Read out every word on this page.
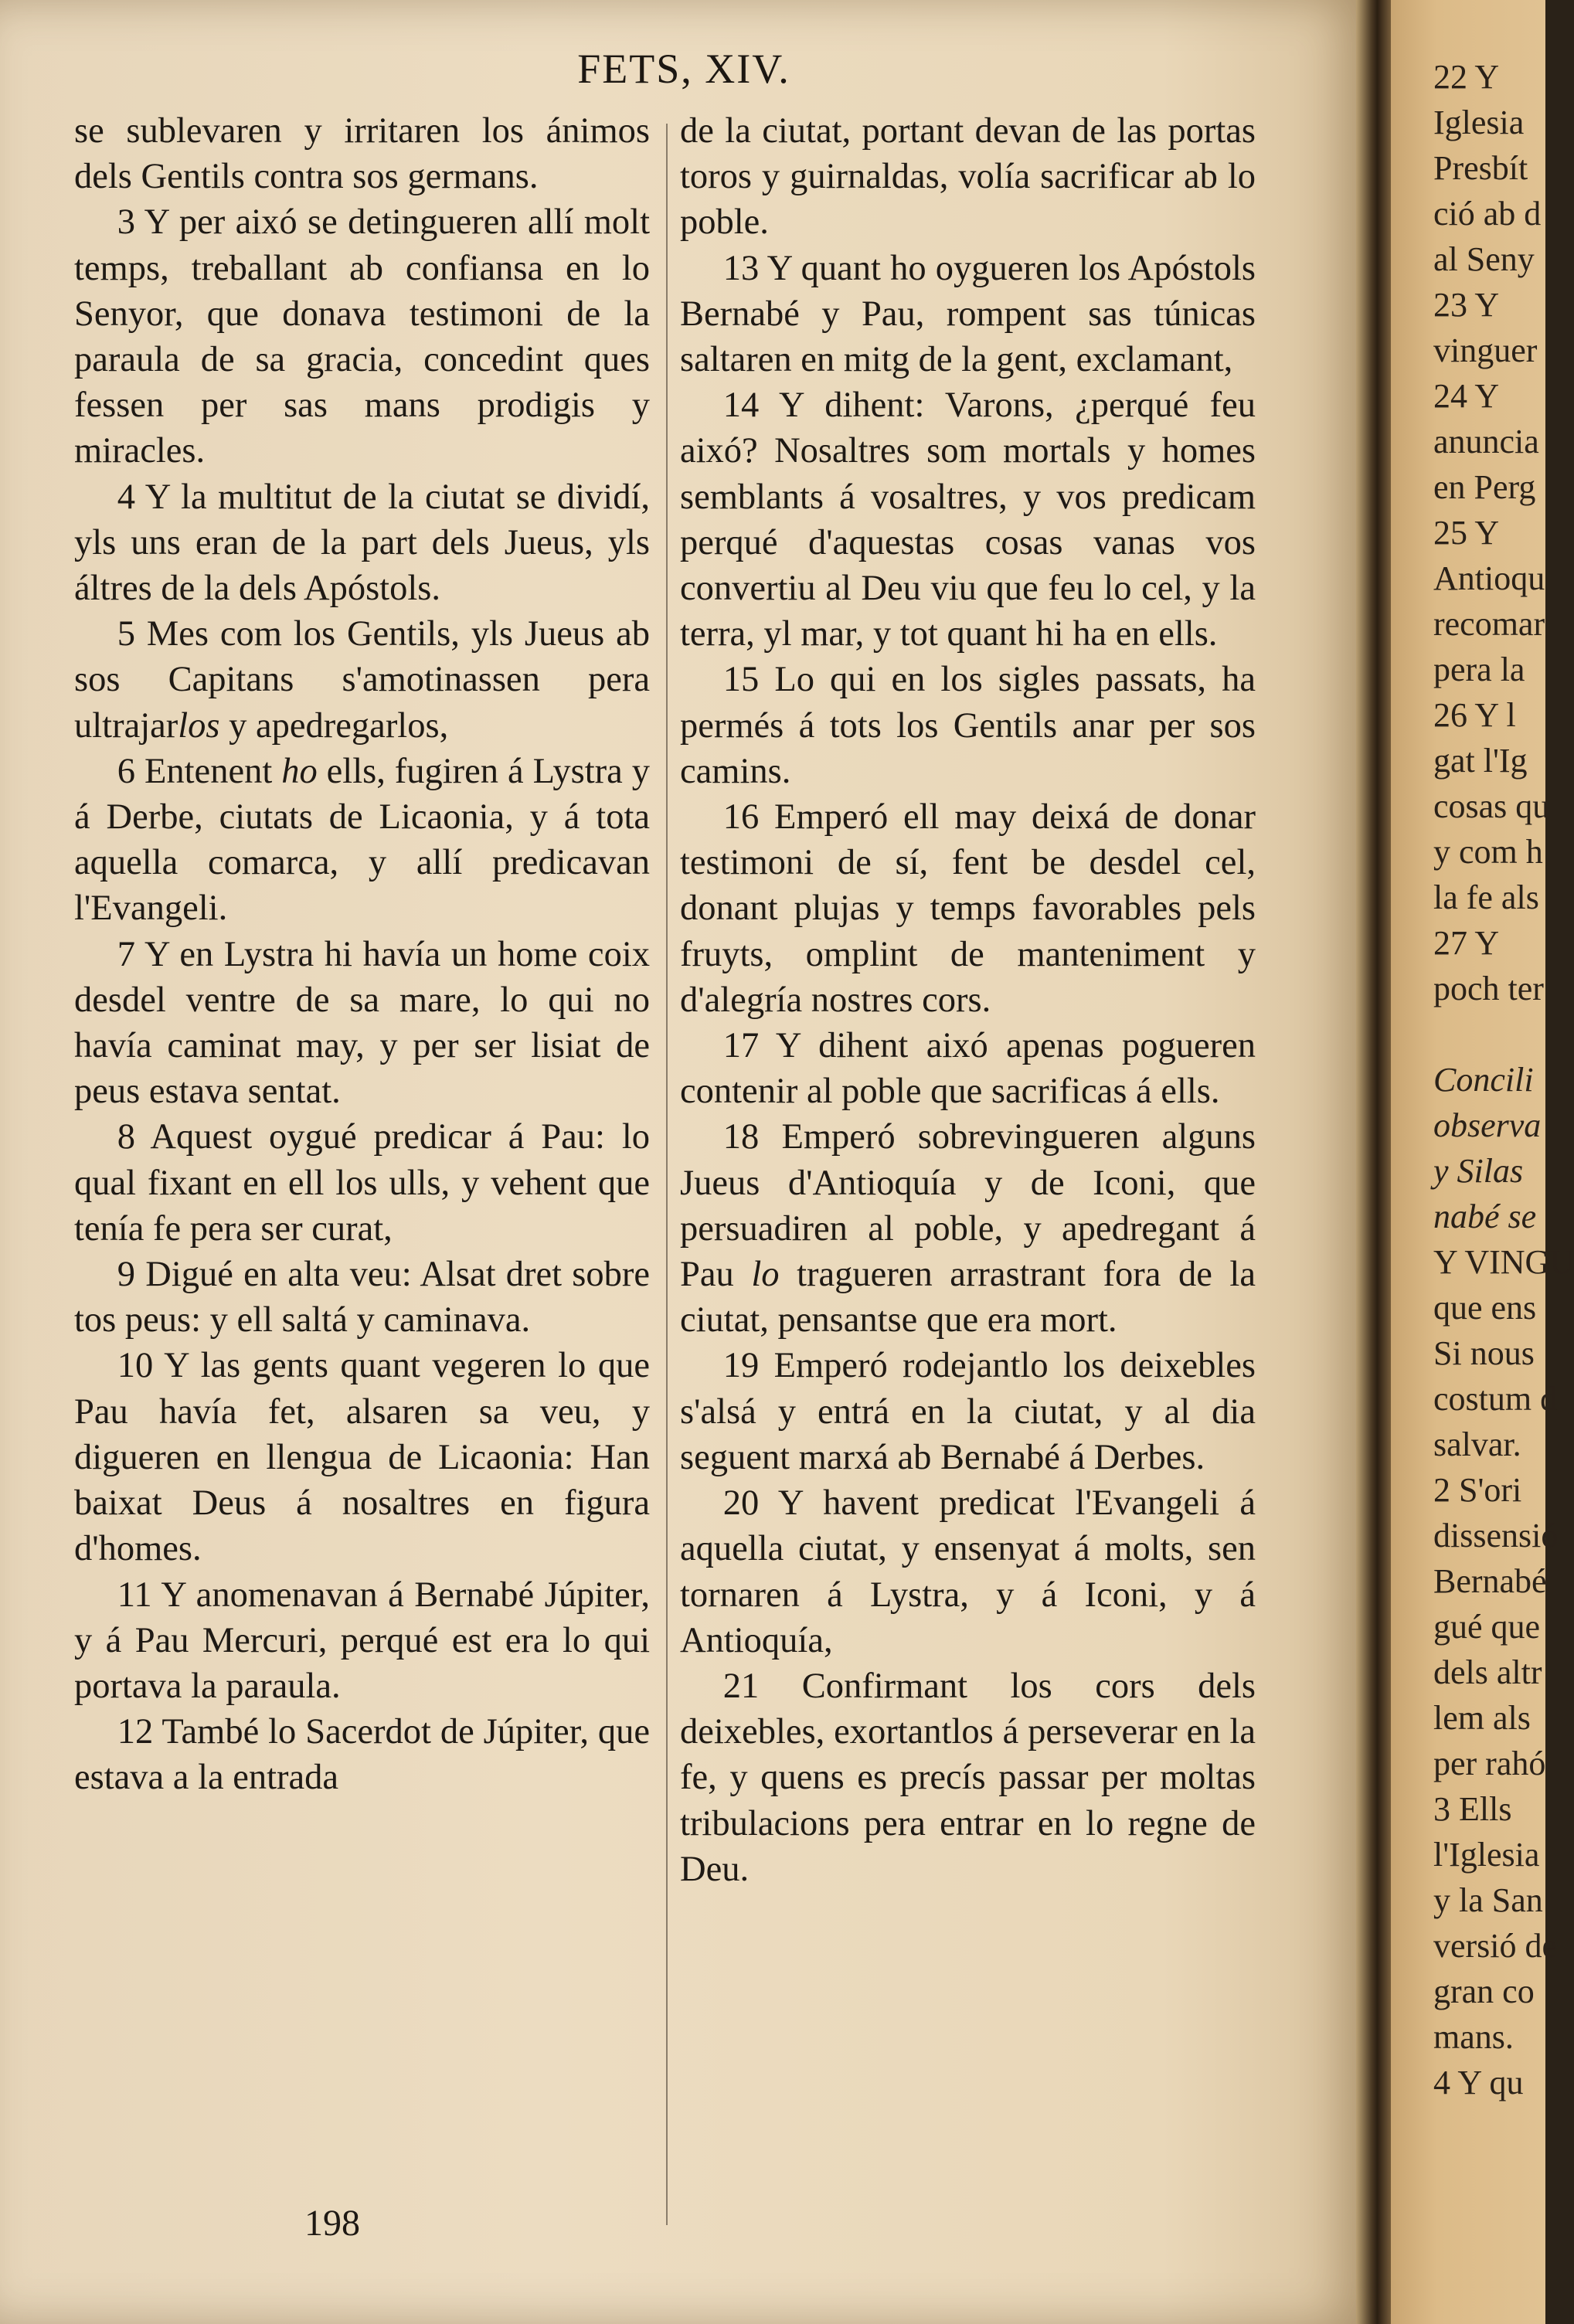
FETS, XIV.

se sublevaren y irritaren los ánimos dels Gentils contra sos germans.

3 Y per aixó se detingueren allí molt temps, treballant ab confiansa en lo Senyor, que donava testimoni de la paraula de sa gracia, concedint ques fessen per sas mans prodigis y miracles.

4 Y la multitut de la ciutat se dividí, yls uns eran de la part dels Jueus, yls áltres de la dels Apóstols.

5 Mes com los Gentils, yls Jueus ab sos Capitans s'amotinassen pera ultrajarlos y apedregarlos,

6 Entenent ho ells, fugiren á Lystra y á Derbe, ciutats de Licaonia, y á tota aquella comarca, y allí predicavan l'Evangeli.

7 Y en Lystra hi havía un home coix desdel ventre de sa mare, lo qui no havía caminat may, y per ser lisiat de peus estava sentat.

8 Aquest oygué predicar á Pau: lo qual fixant en ell los ulls, y vehent que tenía fe pera ser curat,

9 Digué en alta veu: Alsat dret sobre tos peus: y ell saltá y caminava.

10 Y las gents quant vegeren lo que Pau havía fet, alsaren sa veu, y digueren en llengua de Licaonia: Han baixat Deus á nosaltres en figura d'homes.

11 Y anomenavan á Bernabé Júpiter, y á Pau Mercuri, perqué est era lo qui portava la paraula.

12 També lo Sacerdot de Júpiter, que estava a la entrada

de la ciutat, portant devan de las portas toros y guirnaldas, volía sacrificar ab lo poble.

13 Y quant ho oygueren los Apóstols Bernabé y Pau, rompent sas túnicas saltaren en mitg de la gent, exclamant,

14 Y dihent: Varons, ¿perqué feu aixó? Nosaltres som mortals y homes semblants á vosaltres, y vos predicam perqué d'aquestas cosas vanas vos convertiu al Deu viu que feu lo cel, y la terra, yl mar, y tot quant hi ha en ells.

15 Lo qui en los sigles passats, ha permés á tots los Gentils anar per sos camins.

16 Emperó ell may deixá de donar testimoni de sí, fent be desdel cel, donant plujas y temps favorables pels fruyts, omplint de manteniment y d'alegría nostres cors.

17 Y dihent aixó apenas pogueren contenir al poble que sacrificas á ells.

18 Emperó sobrevingueren alguns Jueus d'Antioquía y de Iconi, que persuadiren al poble, y apedregant á Pau lo tragueren arrastrant fora de la ciutat, pensantse que era mort.

19 Emperó rodejantlo los deixebles s'alsá y entrá en la ciutat, y al dia seguent marxá ab Bernabé á Derbes.

20 Y havent predicat l'Evangeli á aquella ciutat, y ensenyat á molts, sen tornaren á Lystra, y á Iconi, y á Antioquía,

21 Confirmant los cors dels deixebles, exortantlos á perseverar en la fe, y quens es precís passar per moltas tribulacions pera entrar en lo regne de Deu.

198
22 Y
Iglesia
Presbít
ció ab d
al Seny
23 Y
vinguer
24 Y
anuncia
en Perg
25 Y
Antioqu
recomar
pera la
26 Y l
gat l'Ig
cosas qu
y com h
la fe als
27 Y
poch ter
Concili
observa
y Silas
nabé se
Y VINGU
que ens
Si nous
costum d
salvar.
2 S'ori
dissensió
Bernabé
gué que
dels altr
lem als
per rahó
3 Ells
l'Iglesia
y la San
versió de
gran co
mans.
4 Y qu
